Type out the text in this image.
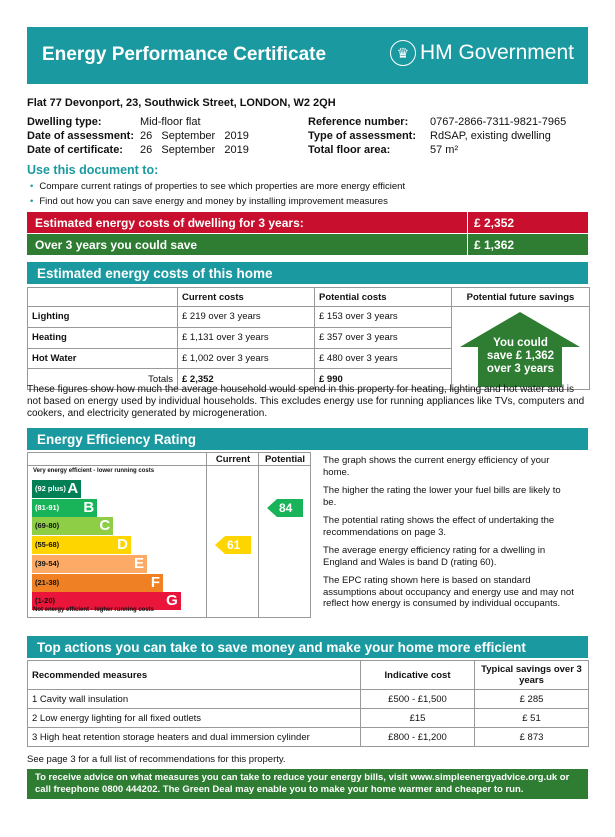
Energy Performance Certificate	♛ HM Government
Flat 77 Devonport, 23, Southwick Street, LONDON, W2 2QH
Dwelling type:	Mid-floor flat
Date of assessment: 26   September   2019
Date of certificate:	26   September   2019
Reference number:	0767-2866-7311-9821-7965
Type of assessment:	RdSAP, existing dwelling
Total floor area:	57 m²
Use this document to:
• Compare current ratings of properties to see which properties are more energy efficient
• Find out how you can save energy and money by installing improvement measures
Estimated energy costs of dwelling for 3 years:	£ 2,352
Over 3 years you could save	£ 1,362
Estimated energy costs of this home
	Current costs	Potential costs	Potential future savings
Lighting	£ 219 over 3 years	£ 153 over 3 years	You could
save £ 1,362
over 3 years

Heating	£ 1,131 over 3 years	£ 357 over 3 years	
Hot Water	£ 1,002 over 3 years	£ 480 over 3 years	
Totals	£ 2,352	£ 990	
These figures show how much the average household would spend in this property for heating, lighting and hot water and is not based on energy used by individual households. This excludes energy use for running appliances like TVs, computers and cookers, and electricity generated by microgeneration.
Energy Efficiency Rating
Current	Potential
Very energy efficient - lower running costs
(92 plus) A
(81-91) B
(69-80)	C
(55-68)	D
(39-54)	E
(21-38)	F
(1-20)	G
Not energy efficient - higher running costs
61
84

The graph shows the current energy efficiency of your home.

The higher the rating the lower your fuel bills are likely to be.

The potential rating shows the effect of undertaking the recommendations on page 3.

The average energy efficiency rating for a dwelling in England and Wales is band D (rating 60).

The EPC rating shown here is based on standard assumptions about occupancy and energy use and may not reflect how energy is consumed by individual occupants.

Top actions you can take to save money and make your home more efficient
Recommended measures	Indicative cost	Typical savings over 3 years
1 Cavity wall insulation	£500 - £1,500	£ 285
2 Low energy lighting for all fixed outlets	£15	£ 51
3 High heat retention storage heaters and dual immersion cylinder	£800 - £1,200	£ 873
See page 3 for a full list of recommendations for this property.
To receive advice on what measures you can take to reduce your energy bills, visit www.simpleenergyadvice.org.uk or call freephone 0800 444202. The Green Deal may enable you to make your home warmer and cheaper to run.
